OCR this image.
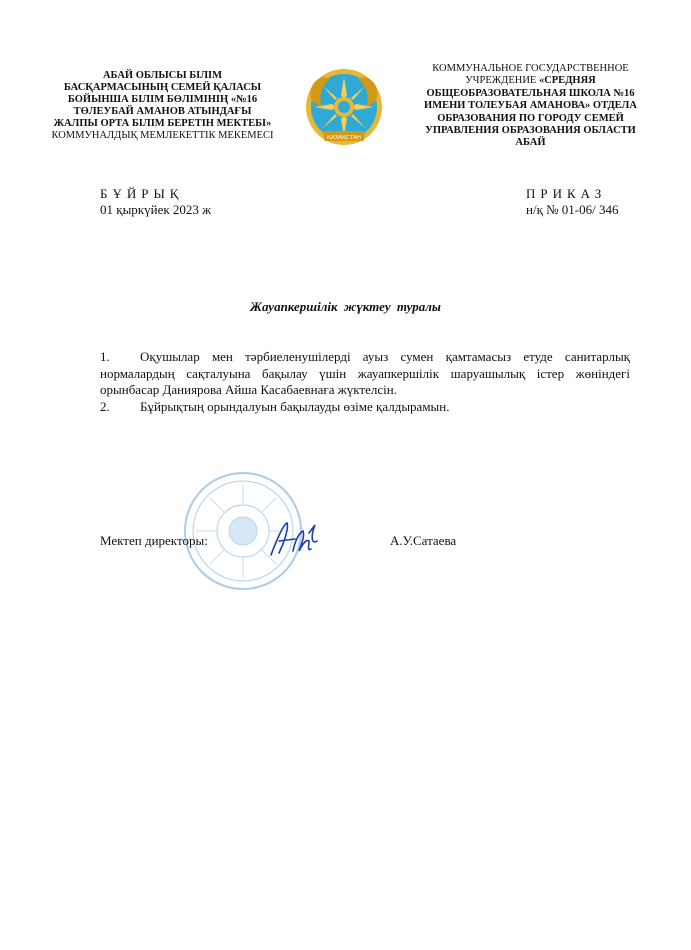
АБАЙ ОБЛЫСЫ БІЛІМ
БАСҚАРМАСЫНЫҢ СЕМЕЙ ҚАЛАСЫ
БОЙЫНША БІЛІМ БӨЛІМІНІҢ «№16
ТӨЛЕУБАЙ АМАНОВ АТЫНДАҒЫ
ЖАЛПЫ ОРТА БІЛІМ БЕРЕТІН МЕКТЕБІ»
КОММУНАЛДЫҚ МЕМЛЕКЕТТІК МЕКЕМЕСІ	ҚАЗАҚСТАН
КОММУНАЛЬНОЕ ГОСУДАРСТВЕННОЕ
УЧРЕЖДЕНИЕ «СРЕДНЯЯ
ОБЩЕОБРАЗОВАТЕЛЬНАЯ ШКОЛА №16
ИМЕНИ ТОЛЕУБАЯ АМАНОВА» ОТДЕЛА
ОБРАЗОВАНИЯ ПО ГОРОДУ СЕМЕЙ
УПРАВЛЕНИЯ ОБРАЗОВАНИЯ ОБЛАСТИ
АБАЙ
БҰЙРЫҚ
01 қыркүйек 2023 ж
ПРИКАЗ
н/қ № 01-06/ 346
Жауапкершілік жүктеу туралы
1. Оқушылар мен тәрбиеленушілерді ауыз сумен қамтамасыз етуде санитарлық нормалардың сақталуына бақылау үшін жауапкершілік шаруашылық істер жөніндегі орынбасар Даниярова Айша Касабаевнаға жүктелсін.
2. Бұйрықтың орындалуын бақылауды өзіме қалдырамын.
Мектеп директоры:	А.У.Сатаева
